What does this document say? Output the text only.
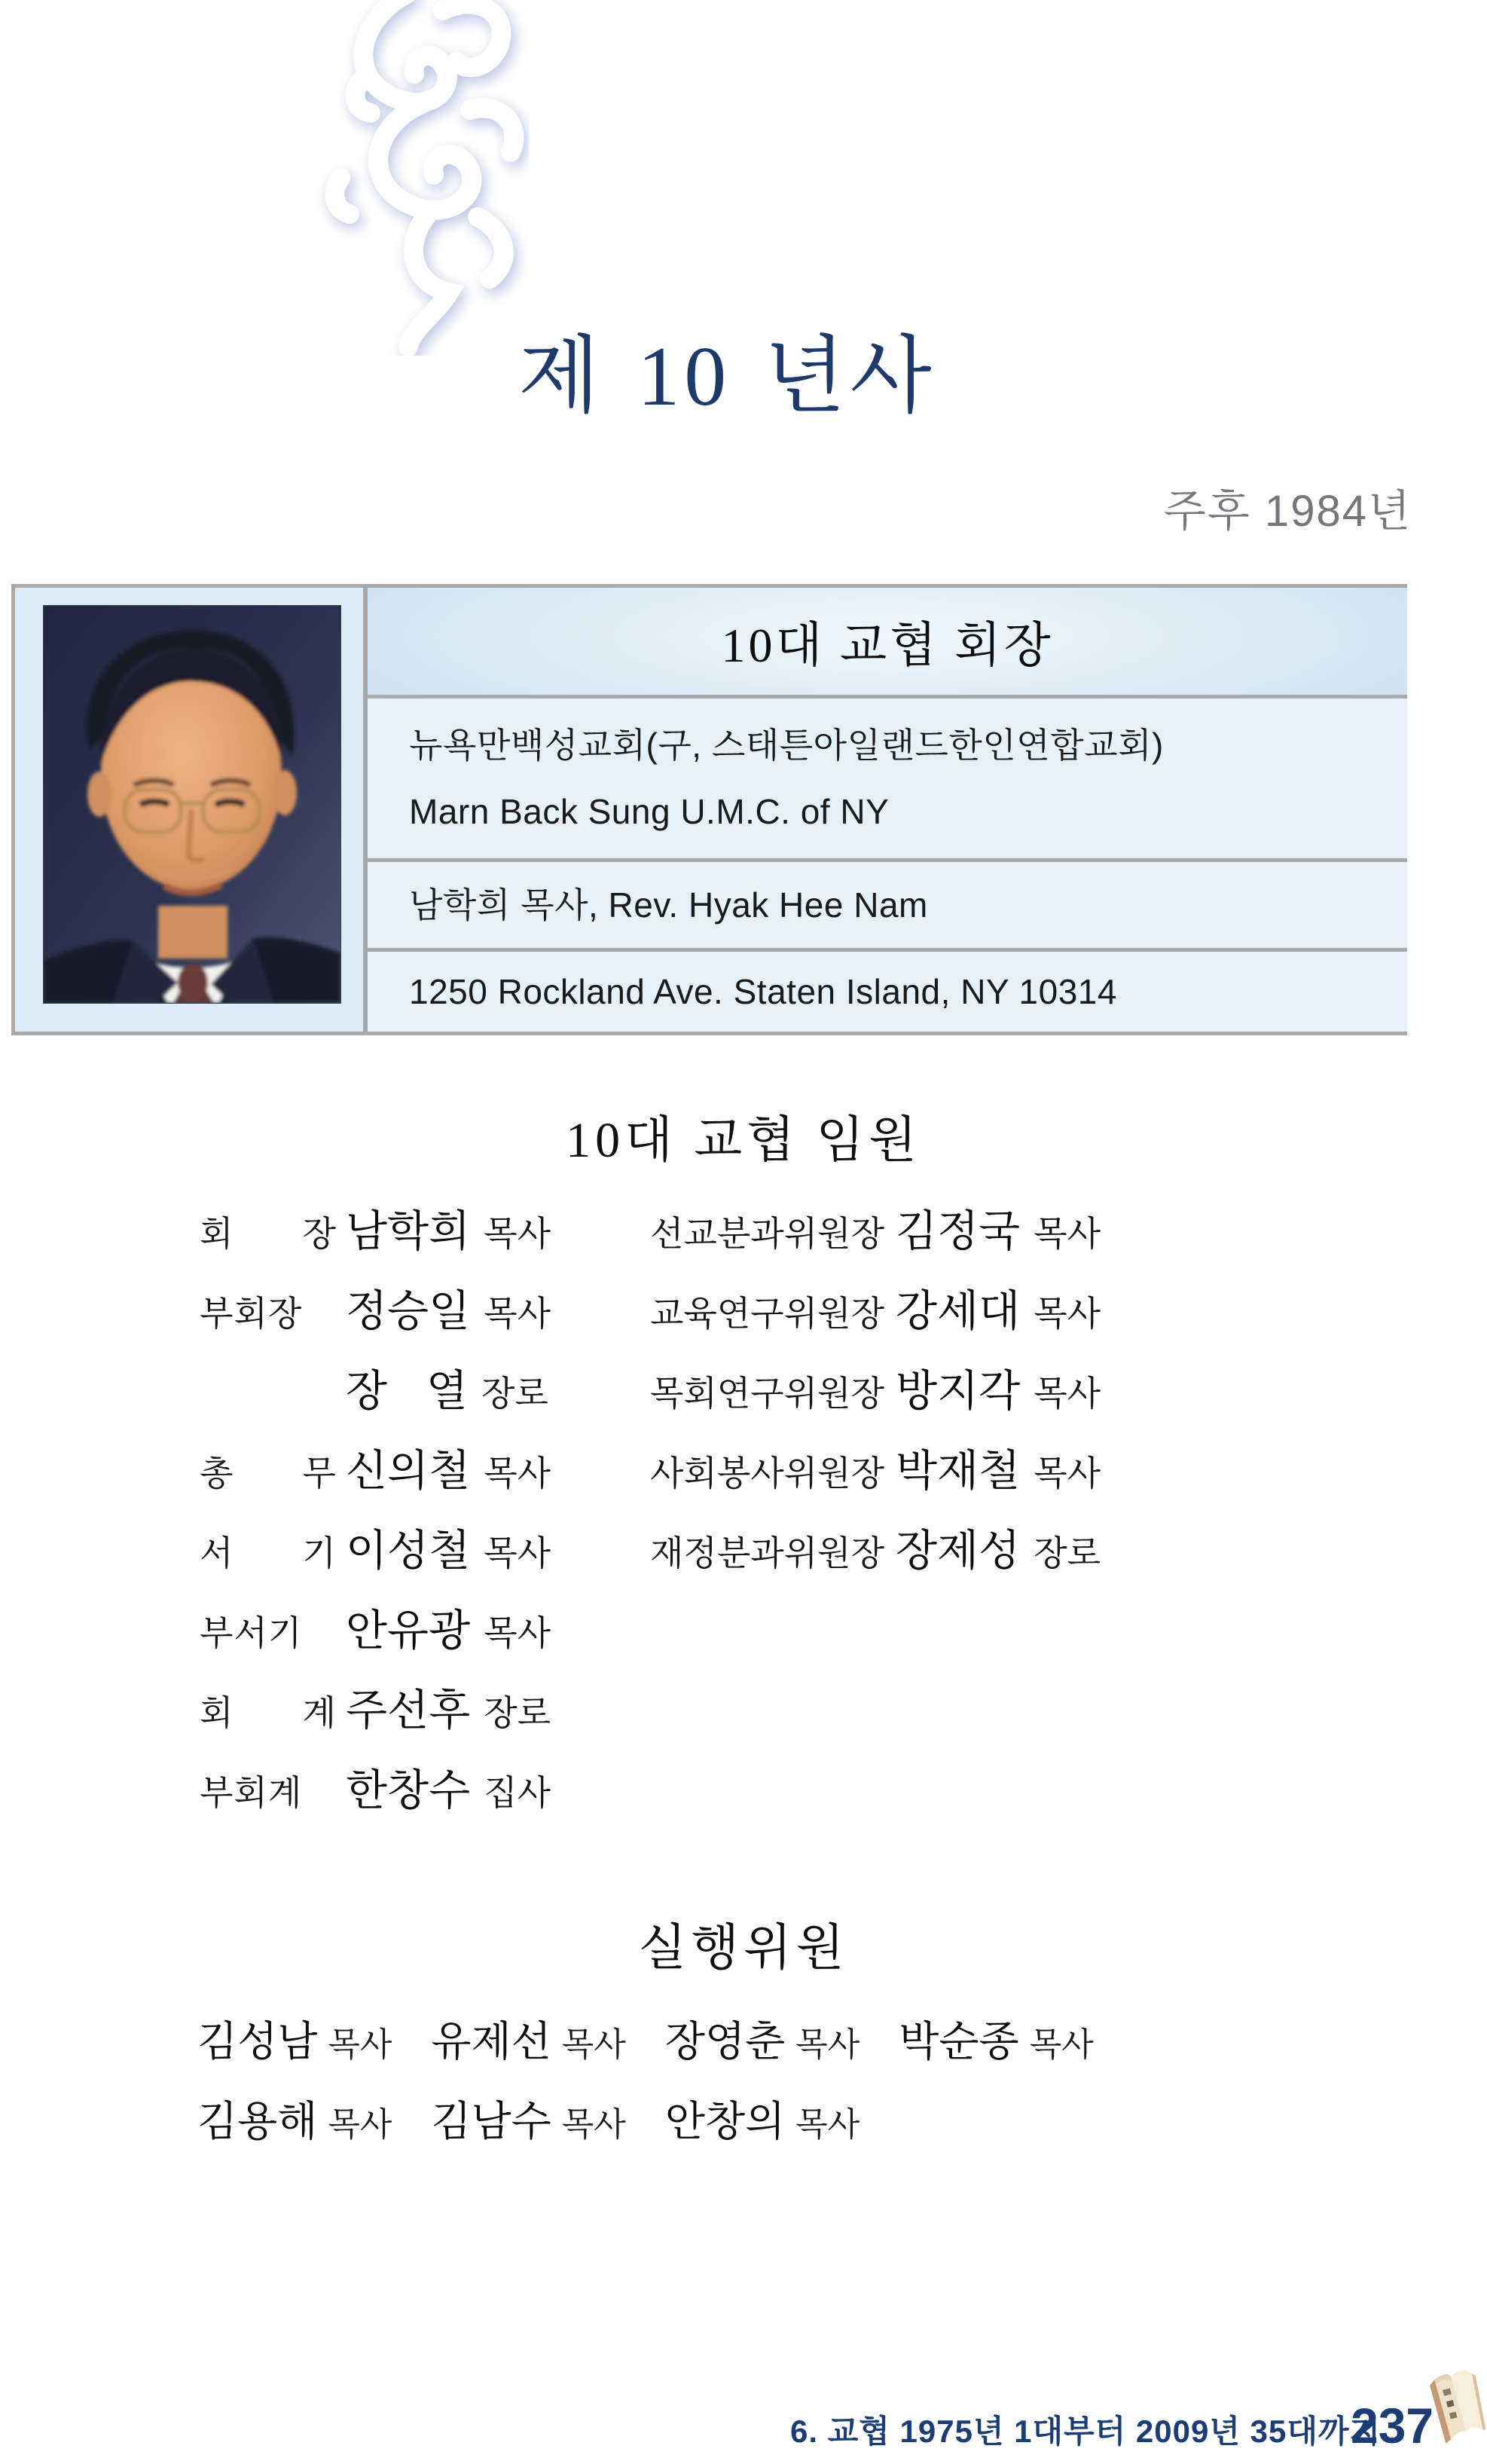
제 10 년사
주후 1984년
10대 교협 회장
뉴욕만백성교회(구, 스태튼아일랜드한인연합교회)
Marn Back Sung U.M.C. of NY
남학희 목사, Rev. Hyak Hee Nam
1250 Rockland Ave. Staten Island, NY 10314
10대 교협 임원
회 장 남학희 목사
부회장	정승일 목사
장 열 장로
총 무 신의철 목사
서 기 이성철 목사
부서기	안유광 목사
회 계 주선후 장로
부회계	한창수 집사
선교분과위원장 김정국 목사
교육연구위원장 강세대 목사
목회연구위원장 방지각 목사
사회봉사위원장 박재철 목사
재정분과위원장 장제성 장로
실행위원
김성남 목사 유제선 목사 장영춘 목사 박순종 목사
김용해 목사 김남수 목사 안창의 목사
6. 교협 1975년 1대부터 2009년 35대까지
237
